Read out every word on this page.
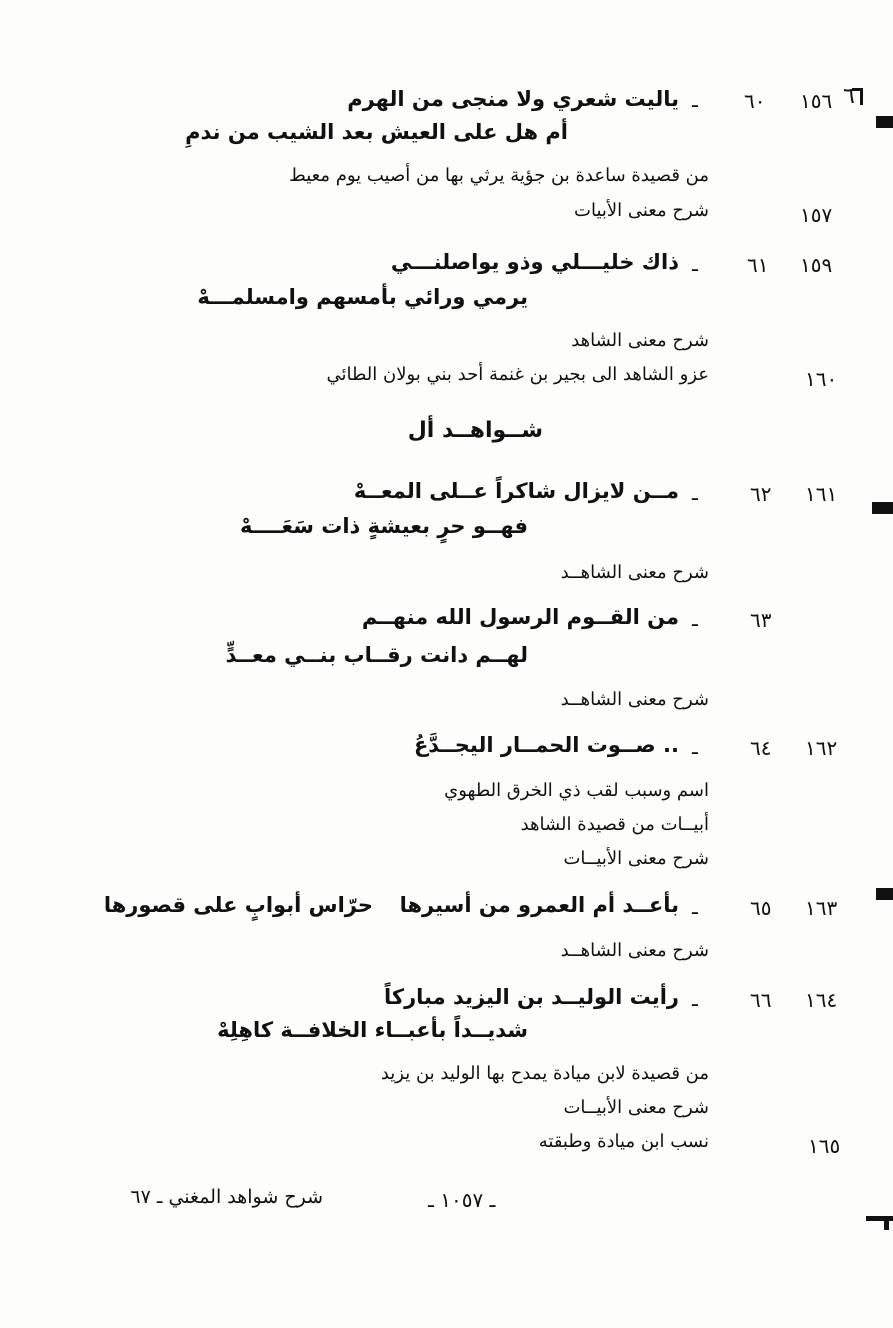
٦
١٥٦
٦٠
ـ
ياليت شعري ولا منجى من الهرم
أم هل على العيش بعد الشيب من ندمِ
من قصيدة ساعدة بن جؤية يرثي بها من أصيب يوم معيط
١٥٧
شرح معنى الأبيات
١٥٩
٦١
ـ
ذاك خليـــلي وذو يواصلنـــي
يرمي ورائي بأمسهم وامسلمـــهْ
شرح معنى الشاهد
١٦٠
عزو الشاهد الى بجير بن غنمة أحد بني بولان الطائي
شــواهــد أل
١٦١
٦٢
ـ
مــن لايزال شاكراً عــلى المعــهْ
فهــو حرٍ بعيشةٍ ذات سَعَــــهْ
شرح معنى الشاهــد
٦٣
ـ
من القــوم الرسول الله منهــم
لهــم دانت رقــاب بنــي معــدٍّ
شرح معنى الشاهــد
١٦٢
٦٤
ـ
.. صــوت الحمــار اليجــدَّعُ
اسم وسبب لقب ذي الخرق الطهوي
أبيــات من قصيدة الشاهد
شرح معنى الأبيــات
١٦٣
٦٥
ـ
بأعــد أم العمرو من أسيرها
حرّاس أبوابٍ على قصورها
شرح معنى الشاهــد
١٦٤
٦٦
ـ
رأيت الوليــد بن اليزيد مباركاً
شديــداً بأعبــاء الخلافــة كاهِلِهْ
من قصيدة لابن ميادة يمدح بها الوليد بن يزيد
شرح معنى الأبيــات
١٦٥
نسب ابن ميادة وطبقته
ـ ١٠٥٧ ـ
شرح شواهد المغني ـ ٦٧
